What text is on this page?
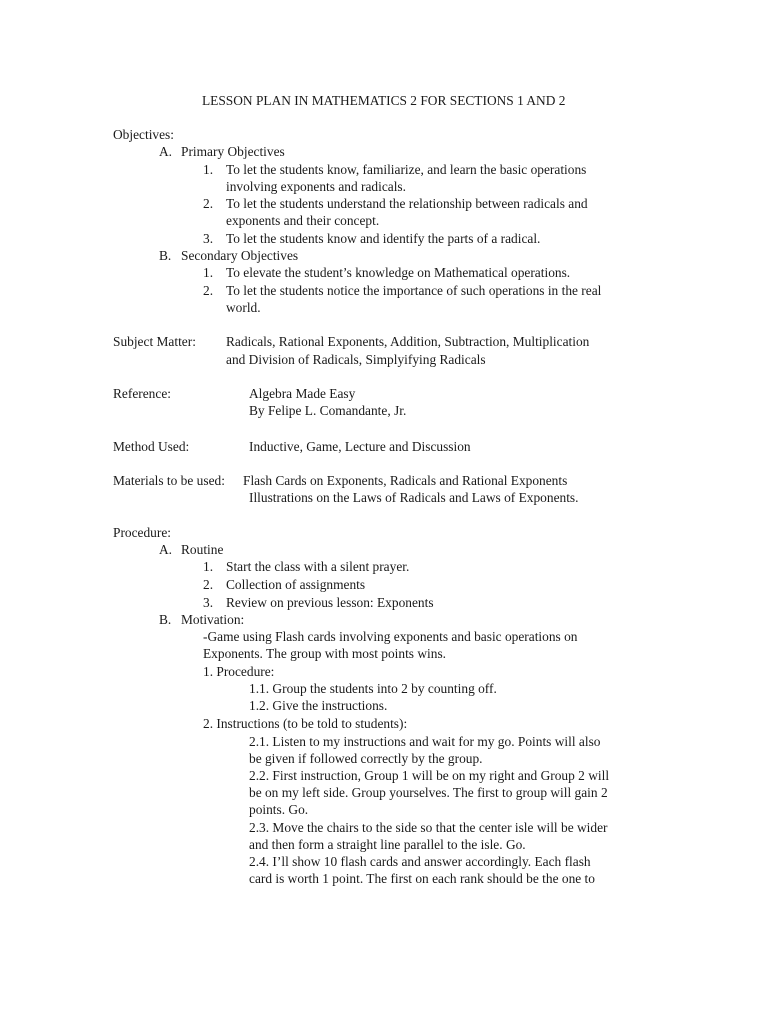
LESSON PLAN IN MATHEMATICS 2 FOR SECTIONS 1 AND 2
Objectives:
A. Primary Objectives
1. To let the students know, familiarize, and learn the basic operations
involving exponents and radicals.
2. To let the students understand the relationship between radicals and
exponents and their concept.
3. To let the students know and identify the parts of a radical.
B. Secondary Objectives
1. To elevate the student’s knowledge on Mathematical operations.
2. To let the students notice the importance of such operations in the real
world.
Subject Matter: Radicals, Rational Exponents, Addition, Subtraction, Multiplication
and Division of Radicals, Simplyifying Radicals
Reference:	Algebra Made Easy
By Felipe L. Comandante, Jr.
Method Used:	Inductive, Game, Lecture and Discussion
Materials to be used: Flash Cards on Exponents, Radicals and Rational Exponents
Illustrations on the Laws of Radicals and Laws of Exponents.
Procedure:
A. Routine
1. Start the class with a silent prayer.
2. Collection of assignments
3. Review on previous lesson: Exponents
B. Motivation:
-Game using Flash cards involving exponents and basic operations on
Exponents. The group with most points wins.
1. Procedure:
1.1. Group the students into 2 by counting off.
1.2. Give the instructions.
2. Instructions (to be told to students):
2.1. Listen to my instructions and wait for my go. Points will also
be given if followed correctly by the group.
2.2. First instruction, Group 1 will be on my right and Group 2 will
be on my left side. Group yourselves. The first to group will gain 2
points. Go.
2.3. Move the chairs to the side so that the center isle will be wider
and then form a straight line parallel to the isle. Go.
2.4. I’ll show 10 flash cards and answer accordingly. Each flash
card is worth 1 point. The first on each rank should be the one to
